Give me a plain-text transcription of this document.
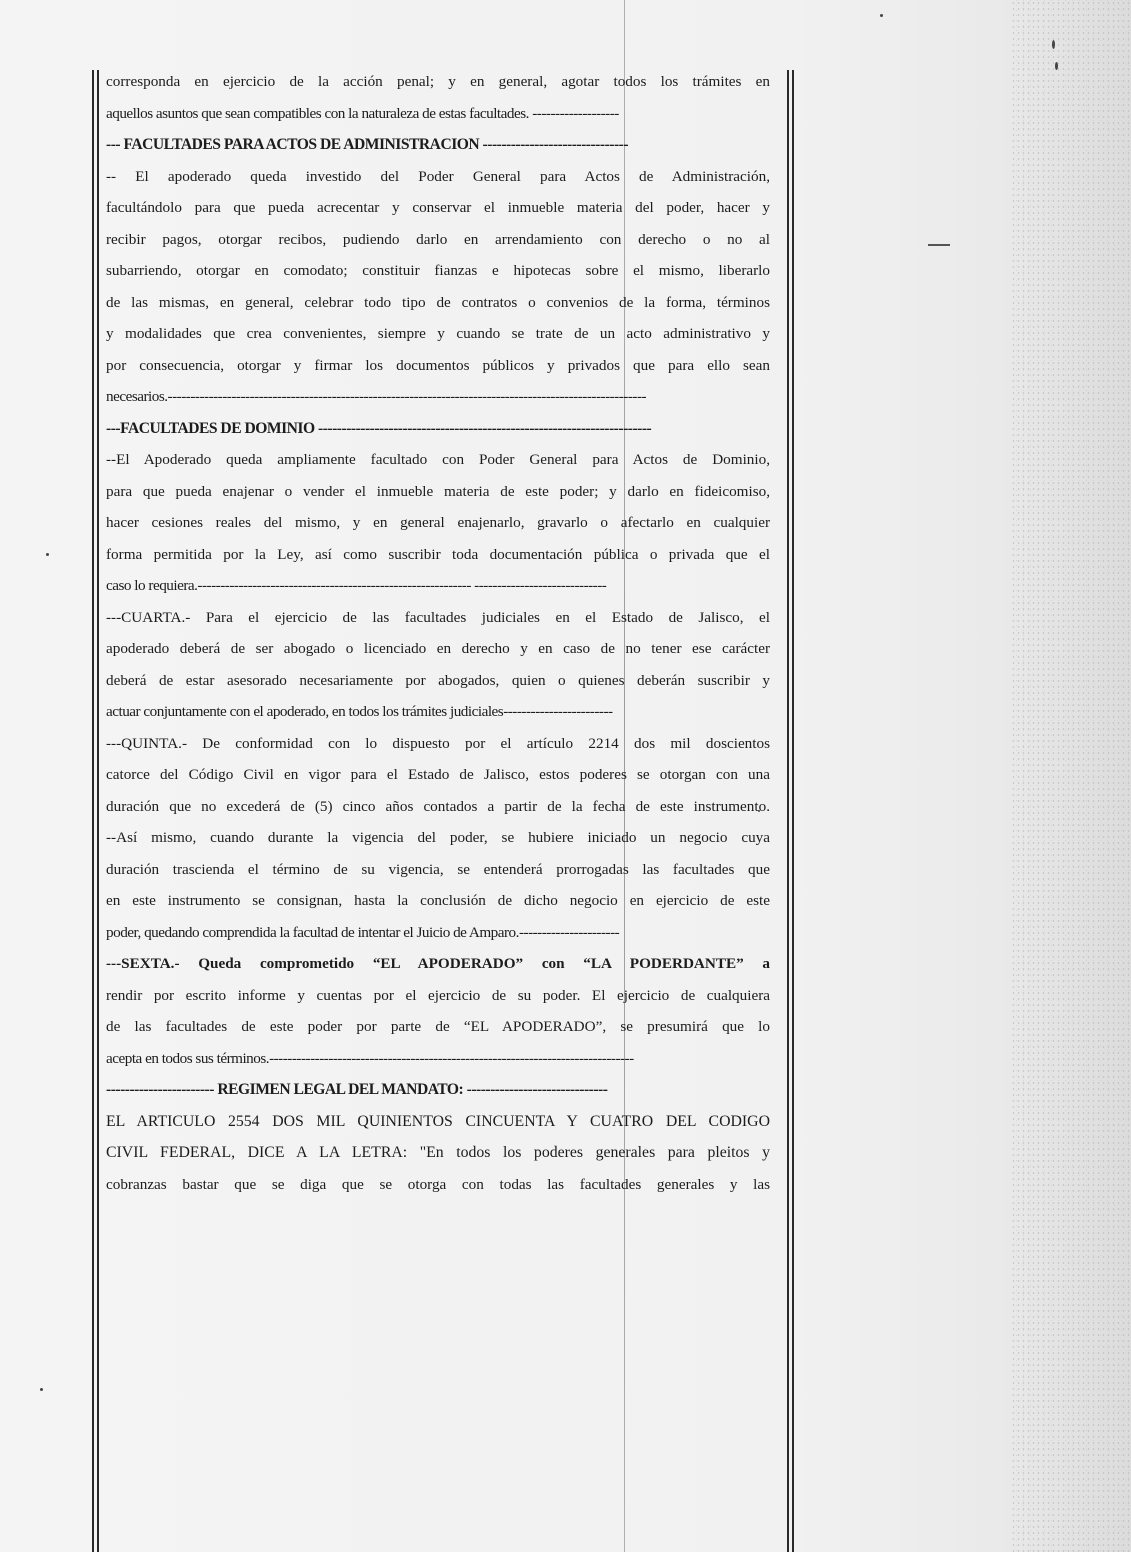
corresponda en ejercicio de la acción penal; y en general, agotar todos los trámites en
aquellos asuntos que sean compatibles con la naturaleza de estas facultades. -------------------
--- FACULTADES PARA ACTOS DE ADMINISTRACION -------------------------------
-- El apoderado queda investido del Poder General para Actos de Administración,
facultándolo para que pueda acrecentar y conservar el inmueble materia del poder, hacer y
recibir pagos, otorgar recibos, pudiendo darlo en arrendamiento con derecho o no al
subarriendo, otorgar en comodato; constituir fianzas e hipotecas sobre el mismo, liberarlo
de las mismas, en general, celebrar todo tipo de contratos o convenios de la forma, términos
y modalidades que crea convenientes, siempre y cuando se trate de un acto administrativo y
por consecuencia, otorgar y firmar los documentos públicos y privados que para ello sean
necesarios.---------------------------------------------------------------------------------------------------------
---FACULTADES DE DOMINIO -----------------------------------------------------------------------
--El Apoderado queda ampliamente facultado con Poder General para Actos de Dominio,
para que pueda enajenar o vender el inmueble materia de este poder; y darlo en fideicomiso,
hacer cesiones reales del mismo, y en general enajenarlo, gravarlo o afectarlo en cualquier
forma permitida por la Ley, así como suscribir toda documentación pública o privada que el
caso lo requiera.------------------------------------------------------------ -----------------------------
---CUARTA.- Para el ejercicio de las facultades judiciales en el Estado de Jalisco, el
apoderado deberá de ser abogado o licenciado en derecho y en caso de no tener ese carácter
deberá de estar asesorado necesariamente por abogados, quien o quienes deberán suscribir y
actuar conjuntamente con el apoderado, en todos los trámites judiciales------------------------
---QUINTA.- De conformidad con lo dispuesto por el artículo 2214 dos mil doscientos
catorce del Código Civil en vigor para el Estado de Jalisco, estos poderes se otorgan con una
duración que no excederá de (5) cinco años contados a partir de la fecha de este instrumento.
--Así mismo, cuando durante la vigencia del poder, se hubiere iniciado un negocio cuya
duración trascienda el término de su vigencia, se entenderá prorrogadas las facultades que
en este instrumento se consignan, hasta la conclusión de dicho negocio en ejercicio de este
poder, quedando comprendida la facultad de intentar el Juicio de Amparo.----------------------
---SEXTA.- Queda comprometido “EL APODERADO” con “LA PODERDANTE” a
rendir por escrito informe y cuentas por el ejercicio de su poder. El ejercicio de cualquiera
de las facultades de este poder por parte de “EL APODERADO”, se presumirá que lo
acepta en todos sus términos.--------------------------------------------------------------------------------
----------------------- REGIMEN LEGAL DEL MANDATO: ------------------------------
EL ARTICULO 2554 DOS MIL QUINIENTOS CINCUENTA Y CUATRO DEL CODIGO
CIVIL FEDERAL, DICE A LA LETRA: "En todos los poderes generales para pleitos y
cobranzas bastar que se diga que se otorga con todas las facultades generales y las
